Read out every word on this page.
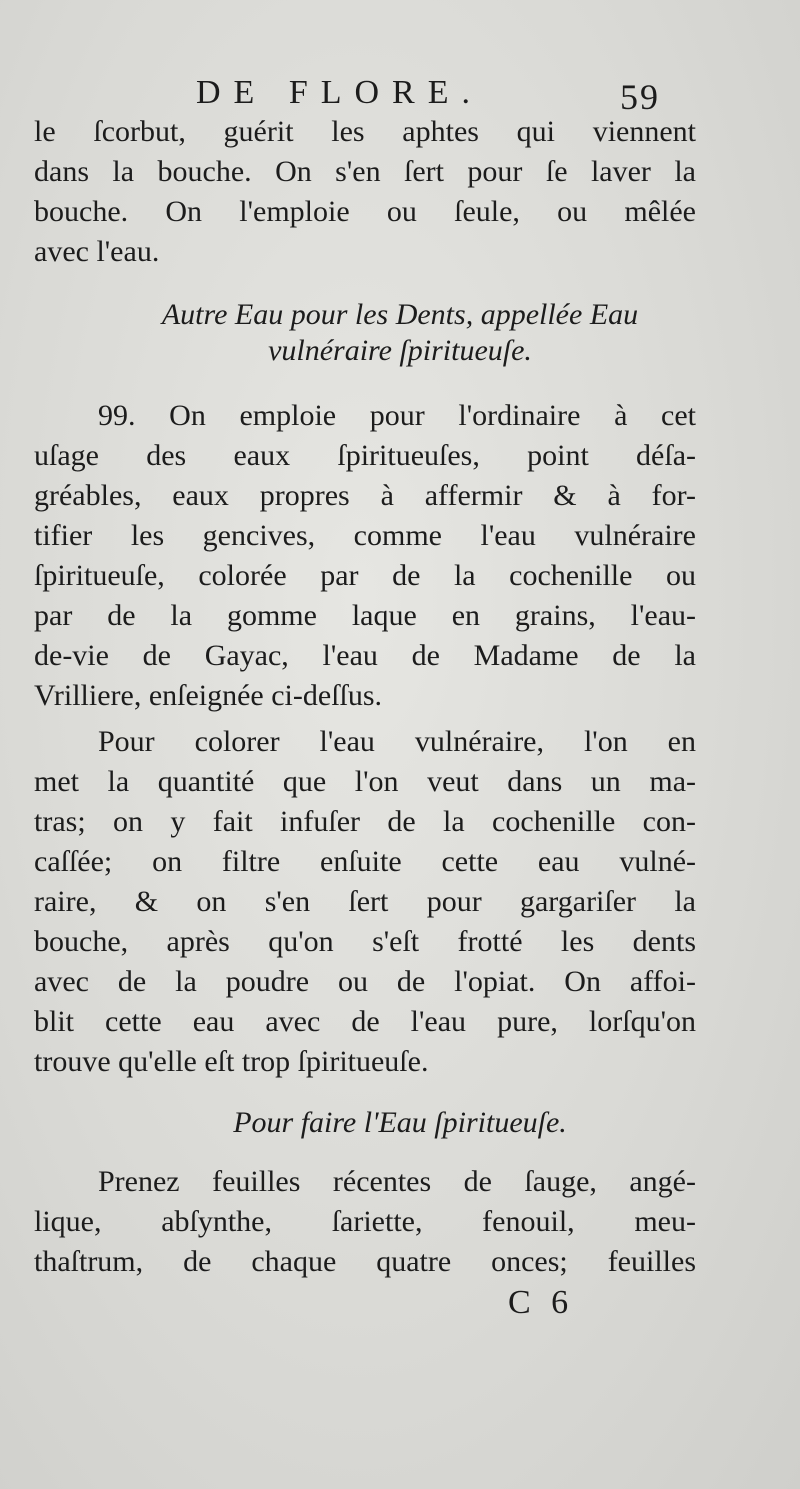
DE FLORE.	59
le ſcorbut, guérit les aphtes qui viennent
dans la bouche. On s'en ſert pour ſe laver la
bouche. On l'emploie ou ſeule, ou mêlée
avec l'eau.
Autre Eau pour les Dents, appellée Eau
vulnéraire ſpiritueuſe.
99. On emploie pour l'ordinaire à cet
uſage des eaux ſpiritueuſes, point déſa-
gréables, eaux propres à affermir & à for-
tifier les gencives, comme l'eau vulnéraire
ſpiritueuſe, colorée par de la cochenille ou
par de la gomme laque en grains, l'eau-
de-vie de Gayac, l'eau de Madame de la
Vrilliere, enſeignée ci-deſſus.
Pour colorer l'eau vulnéraire, l'on en
met la quantité que l'on veut dans un ma-
tras; on y fait infuſer de la cochenille con-
caſſée; on filtre enſuite cette eau vulné-
raire, & on s'en ſert pour gargariſer la
bouche, après qu'on s'eſt frotté les dents
avec de la poudre ou de l'opiat. On affoi-
blit cette eau avec de l'eau pure, lorſqu'on
trouve qu'elle eſt trop ſpiritueuſe.
Pour faire l'Eau ſpiritueuſe.
Prenez feuilles récentes de ſauge, angé-
lique, abſynthe, ſariette, fenouil, meu-
thaſtrum, de chaque quatre onces; feuilles
C 6
